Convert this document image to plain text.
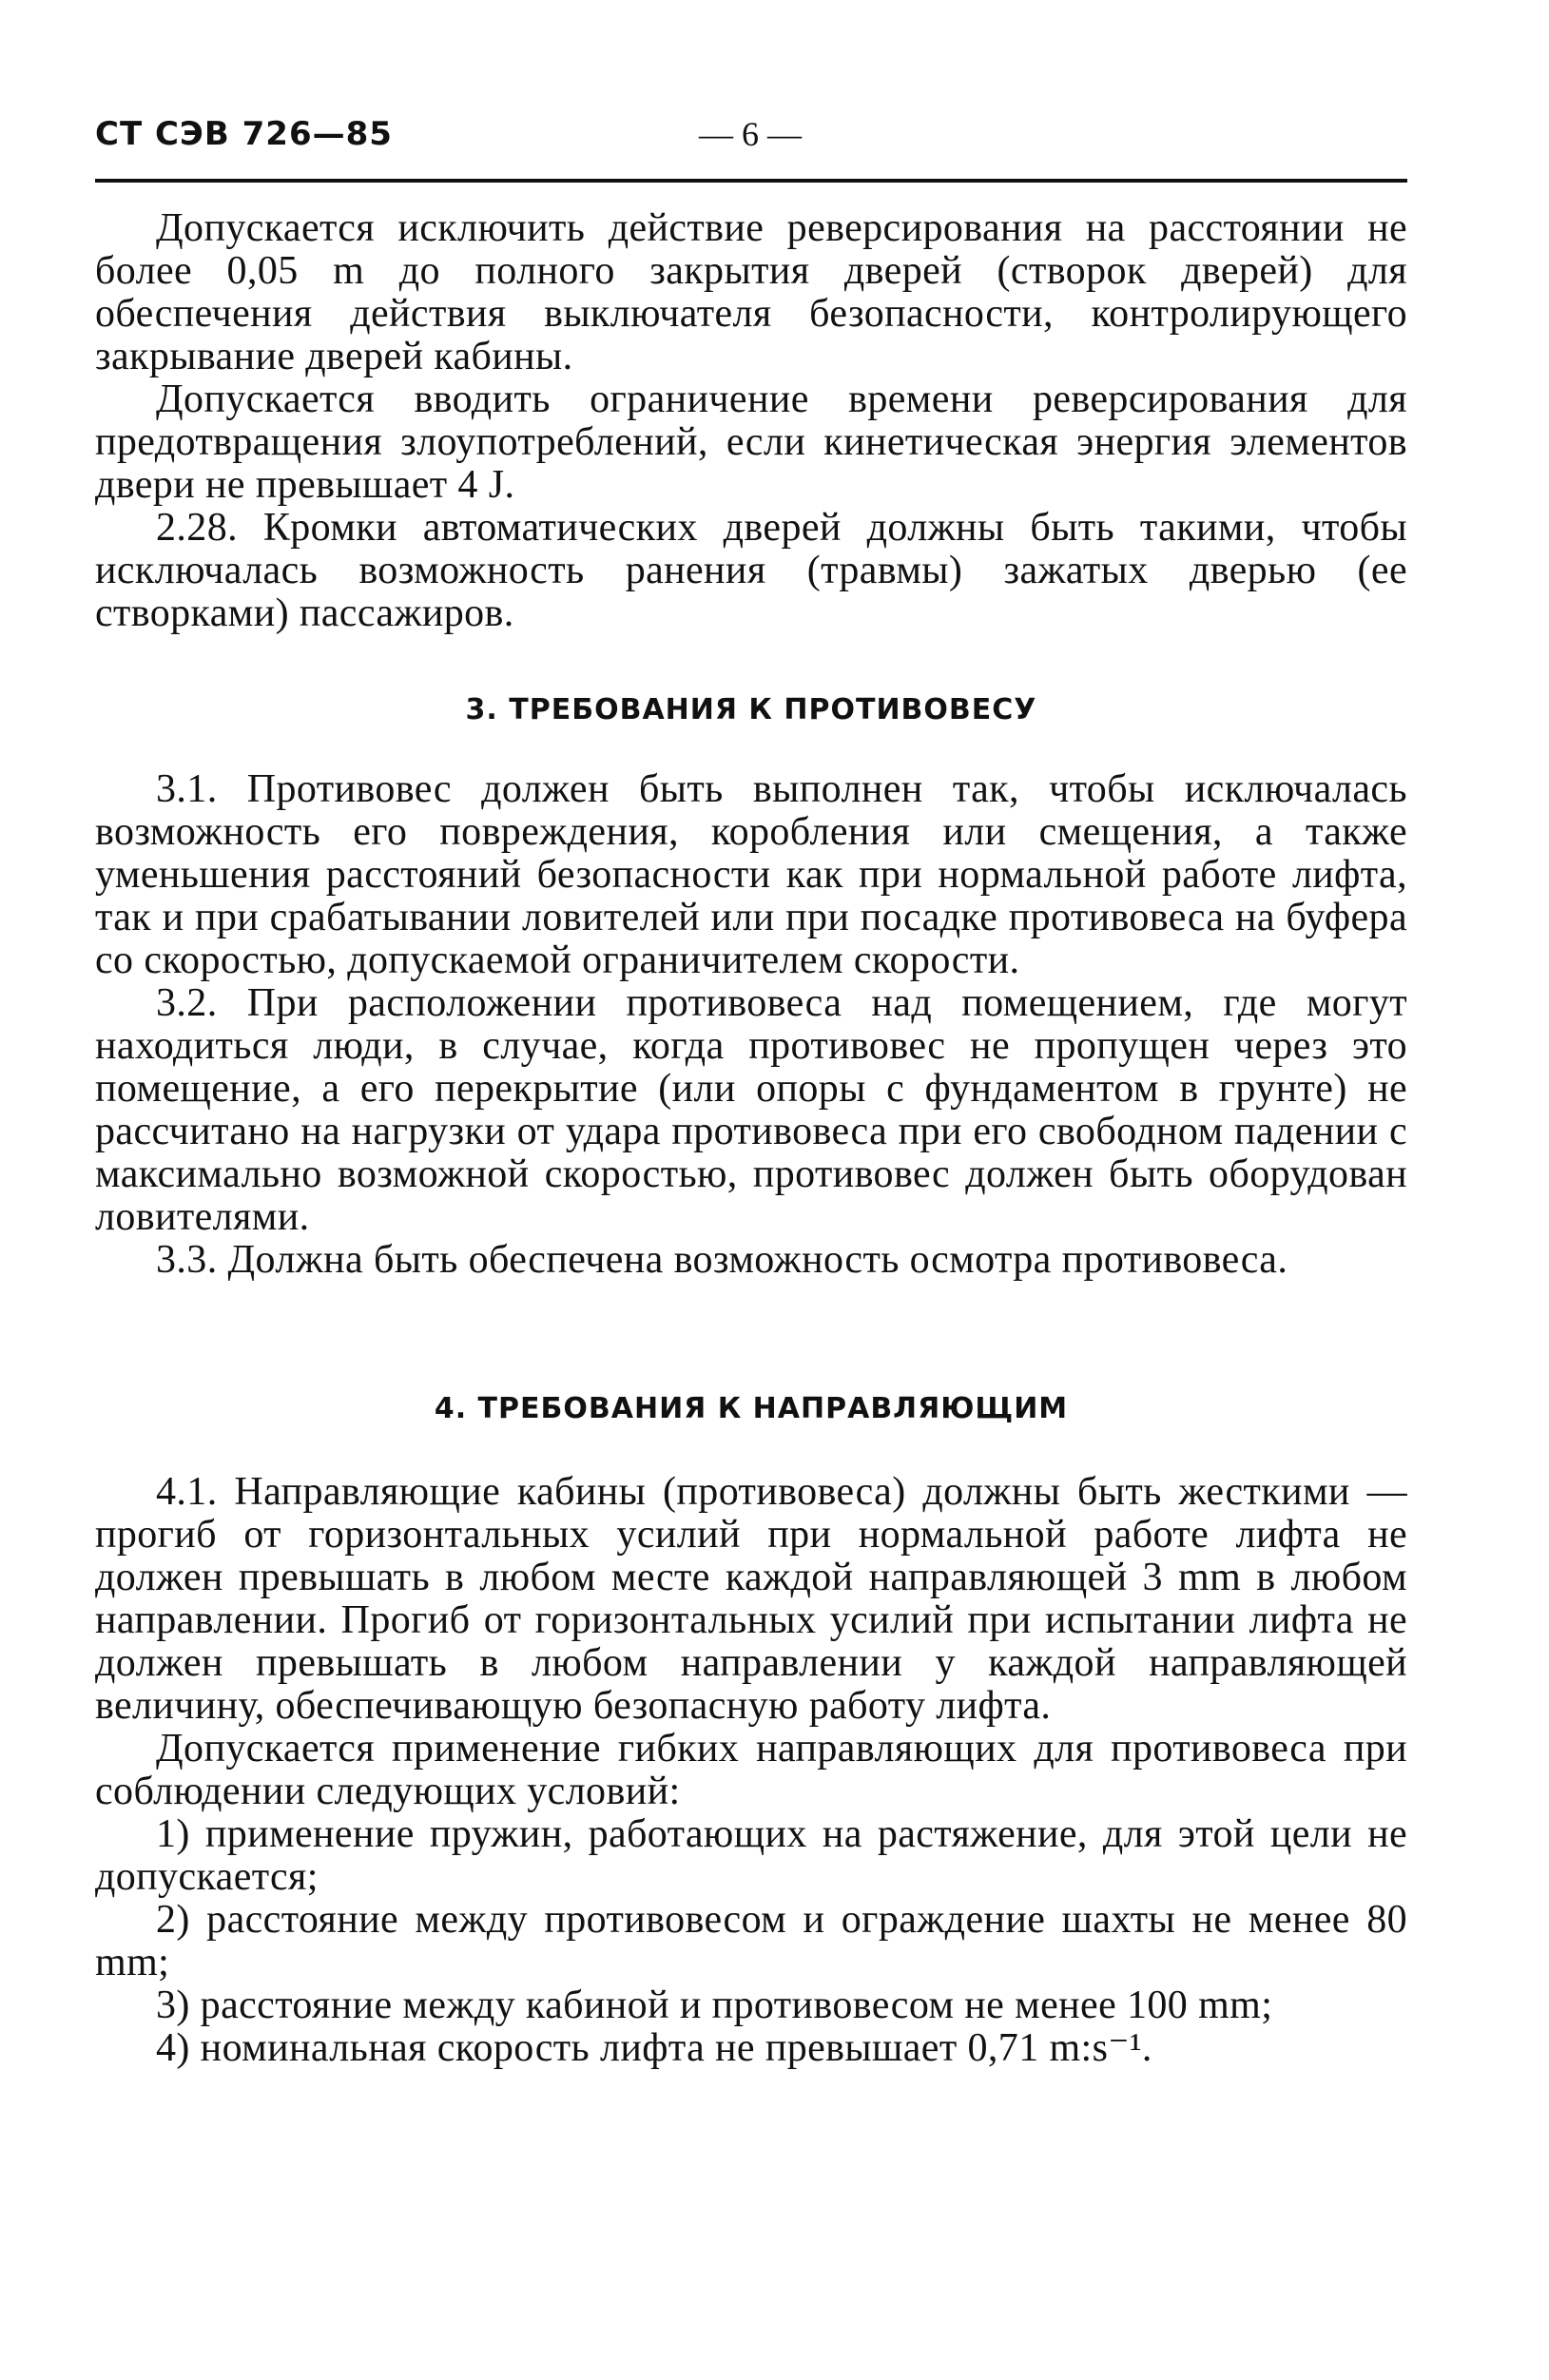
СТ СЭВ 726—85	— 6 —

Допускается исключить действие реверсирования на расстоянии не более 0,05 m до полного закрытия дверей (створок дверей) для обеспечения действия выключателя безопасности, контролирующего закрывание дверей кабины.

Допускается вводить ограничение времени реверсирования для предотвращения злоупотреблений, если кинетическая энергия элементов двери не превышает 4 J.

2.28. Кромки автоматических дверей должны быть такими, чтобы исключалась возможность ранения (травмы) зажатых дверью (ее створками) пассажиров.

3. ТРЕБОВАНИЯ К ПРОТИВОВЕСУ

3.1. Противовес должен быть выполнен так, чтобы исключалась возможность его повреждения, коробления или смещения, а также уменьшения расстояний безопасности как при нормальной работе лифта, так и при срабатывании ловителей или при посадке противовеса на буфера со скоростью, допускаемой ограничителем скорости.

3.2. При расположении противовеса над помещением, где могут находиться люди, в случае, когда противовес не пропущен через это помещение, а его перекрытие (или опоры с фундаментом в грунте) не рассчитано на нагрузки от удара противовеса при его свободном падении с максимально возможной скоростью, противовес должен быть оборудован ловителями.

3.3. Должна быть обеспечена возможность осмотра противовеса.

4. ТРЕБОВАНИЯ К НАПРАВЛЯЮЩИМ

4.1. Направляющие кабины (противовеса) должны быть жесткими — прогиб от горизонтальных усилий при нормальной работе лифта не должен превышать в любом месте каждой направляющей 3 mm в любом направлении. Прогиб от горизонтальных усилий при испытании лифта не должен превышать в любом направлении у каждой направляющей величину, обеспечивающую безопасную работу лифта.

Допускается применение гибких направляющих для противовеса при соблюдении следующих условий:

1) применение пружин, работающих на растяжение, для этой цели не допускается;

2) расстояние между противовесом и ограждение шахты не менее 80 mm;

3) расстояние между кабиной и противовесом не менее 100 mm;

4) номинальная скорость лифта не превышает 0,71 m:s⁻¹.
